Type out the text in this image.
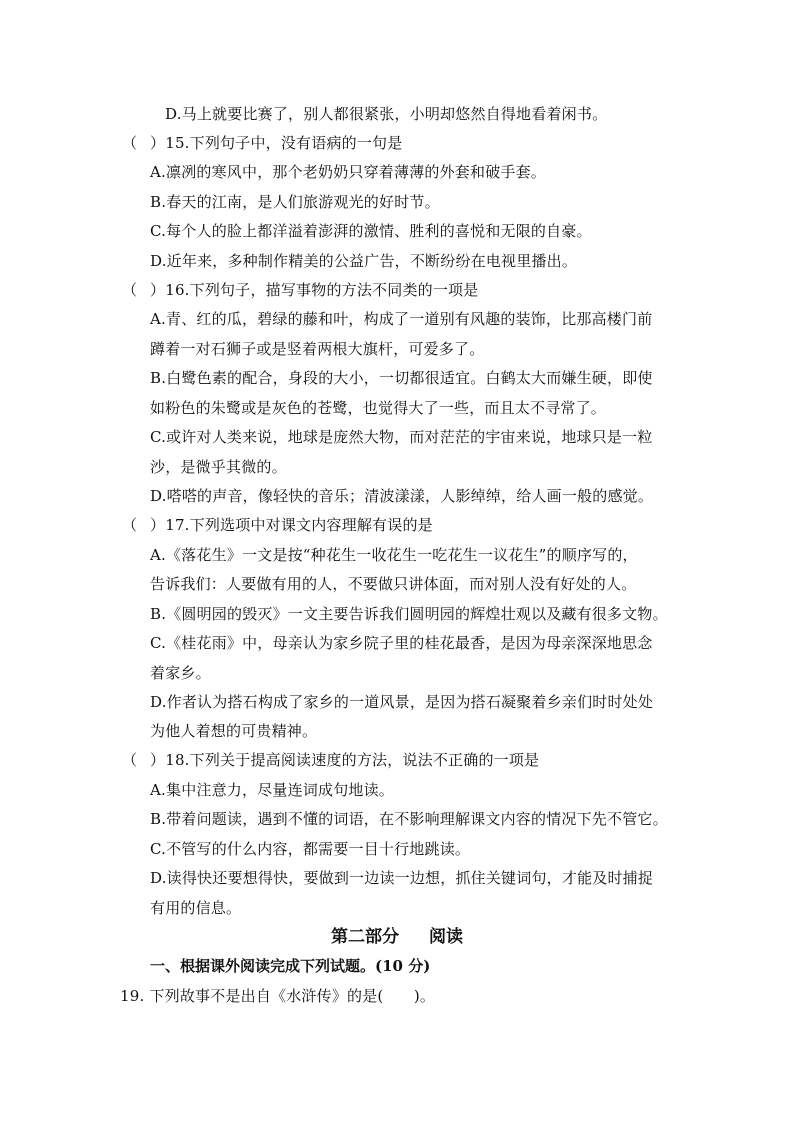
D.马上就要比赛了，别人都很紧张，小明却悠然自得地看着闲书。
（ ）15.下列句子中，没有语病的一句是
A.凛冽的寒风中，那个老奶奶只穿着薄薄的外套和破手套。
B.春天的江南，是人们旅游观光的好时节。
C.每个人的脸上都洋溢着澎湃的激情、胜利的喜悦和无限的自豪。
D.近年来，多种制作精美的公益广告，不断纷纷在电视里播出。
（ ）16.下列句子，描写事物的方法不同类的一项是
A.青、红的瓜，碧绿的藤和叶，构成了一道别有风趣的装饰，比那高楼门前
蹲着一对石狮子或是竖着两根大旗杆，可爱多了。
B.白鹭色素的配合，身段的大小，一切都很适宜。白鹤太大而嫌生硬，即使
如粉色的朱鹭或是灰色的苍鹭，也觉得大了一些，而且太不寻常了。
C.或许对人类来说，地球是庞然大物，而对茫茫的宇宙来说，地球只是一粒
沙，是微乎其微的。
D.嗒嗒的声音，像轻快的音乐；清波漾漾，人影绰绰，给人画一般的感觉。
（ ）17.下列选项中对课文内容理解有误的是
A.《落花生》一文是按“种花生一收花生一吃花生一议花生”的顺序写的，
告诉我们：人要做有用的人，不要做只讲体面，而对别人没有好处的人。
B.《圆明园的毁灭》一文主要告诉我们圆明园的辉煌壮观以及藏有很多文物。
C.《桂花雨》中，母亲认为家乡院子里的桂花最香，是因为母亲深深地思念
着家乡。
D.作者认为搭石构成了家乡的一道风景，是因为搭石凝聚着乡亲们时时处处
为他人着想的可贵精神。
（ ）18.下列关于提高阅读速度的方法，说法不正确的一项是
A.集中注意力，尽量连词成句地读。
B.带着问题读，遇到不懂的词语，在不影响理解课文内容的情况下先不管它。
C.不管写的什么内容，都需要一目十行地跳读。
D.读得快还要想得快，要做到一边读一边想，抓住关键词句，才能及时捕捉
有用的信息。
第二部分 阅读
一、根据课外阅读完成下列试题。(10 分)
19. 下列故事不是出自《水浒传》的是(　　)。
